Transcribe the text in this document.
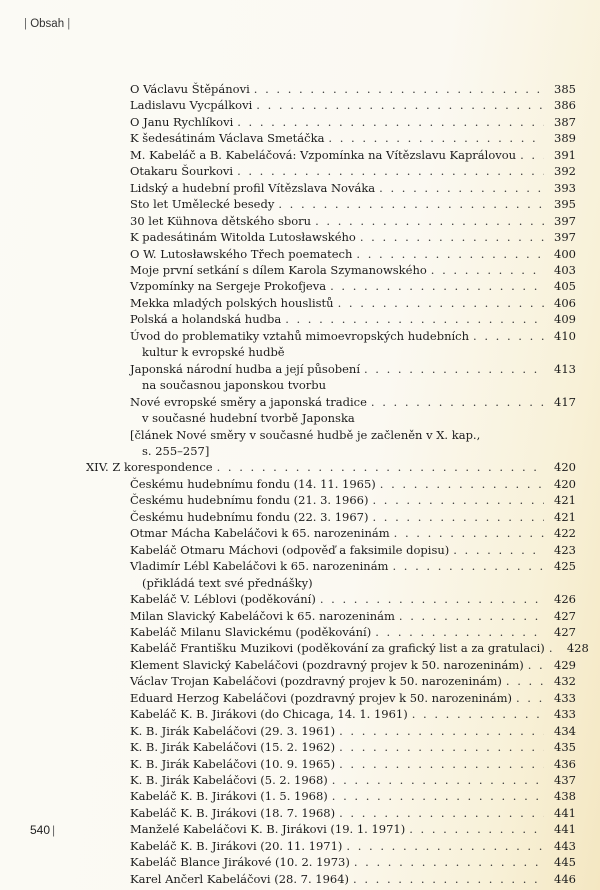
| Obsah |
O Václavu Štěpánovi . . .	385
Ladislavu Vycpálkovi . . .	386
O Janu Rychlíkovi . . .	387
K šedesátinám Václava Smetáčka . . .	389
M. Kabeláč a B. Kabeláčová: Vzpomínka na Vítězslavu Kaprálovou . . .	391
Otakaru Šourkovi . . .	392
Lidský a hudební profil Vítězslava Nováka . . .	393
Sto let Umělecké besedy . . .	395
30 let Kühnova dětského sboru . . .	397
K padesátinám Witolda Lutosławského . . .	397
O W. Lutosławského Třech poematech . . .	400
Moje první setkání s dílem Karola Szymanowského . . .	403
Vzpomínky na Sergeje Prokofjeva . . .	405
Mekka mladých polských houslistů . . .	406
Polská a holandská hudba . . .	409
Úvod do problematiky vztahů mimoevropských hudebních . . .	410
kultur k evropské hudbě
Japonská národní hudba a její působení . . .	413
na současnou japonskou tvorbu
Nové evropské směry a japonská tradice . . .	417
v současné hudební tvorbě Japonska
[článek Nové směry v současné hudbě je začleněn v X. kap.,
s. 255–257]
XIV. Z korespondence . . .	420
Českému hudebnímu fondu (14. 11. 1965) . . .	420
Českému hudebnímu fondu (21. 3. 1966) . . .	421
Českému hudebnímu fondu (22. 3. 1967) . . .	421
Otmar Mácha Kabeláčovi k 65. narozeninám . . .	422
Kabeláč Otmaru Máchovi (odpověď a faksimile dopisu) . . .	423
Vladimír Lébl Kabeláčovi k 65. narozeninám . . .	425
(přikládá text své přednášky)
Kabeláč V. Léblovi (poděkování) . . .	426
Milan Slavický Kabeláčovi k 65. narozeninám . . .	427
Kabeláč Milanu Slavickému (poděkování) . . .	427
Kabeláč Františku Muzikovi (poděkování za grafický list a za gratulaci) . . .	428
Klement Slavický Kabeláčovi (pozdravný projev k 50. narozeninám) . . .	429
Václav Trojan Kabeláčovi (pozdravný projev k 50. narozeninám) . . .	432
Eduard Herzog Kabeláčovi (pozdravný projev k 50. narozeninám) . . .	433
Kabeláč K. B. Jirákovi (do Chicaga, 14. 1. 1961) . . .	433
K. B. Jirák Kabeláčovi (29. 3. 1961) . . .	434
K. B. Jirák Kabeláčovi (15. 2. 1962) . . .	435
K. B. Jirák Kabeláčovi (10. 9. 1965) . . .	436
K. B. Jirák Kabeláčovi (5. 2. 1968) . . .	437
Kabeláč K. B. Jirákovi (1. 5. 1968) . . .	438
Kabeláč K. B. Jirákovi (18. 7. 1968) . . .	441
Manželé Kabeláčovi K. B. Jirákovi (19. 1. 1971) . . .	441
Kabeláč K. B. Jirákovi (20. 11. 1971) . . .	443
Kabeláč Blance Jirákové (10. 2. 1973) . . .	445
Karel Ančerl Kabeláčovi (28. 7. 1964) . . .	446
540 |
